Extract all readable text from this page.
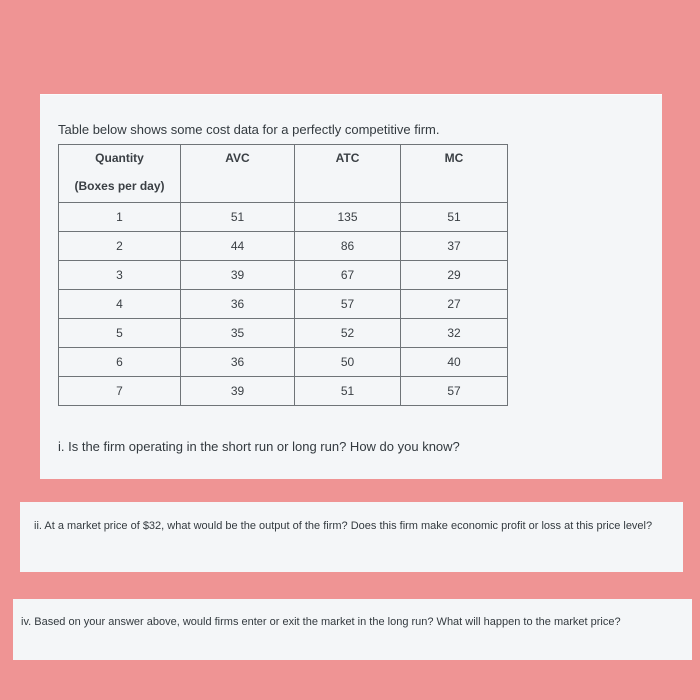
Table below shows some cost data for a perfectly competitive firm.
Quantity
(Boxes per day)	AVC	ATC	MC

1	51	135	51
2	44	86	37
3	39	67	29
4	36	57	27
5	35	52	32
6	36	50	40
7	39	51	57
i. Is the firm operating in the short run or long run? How do you know?
ii. At a market price of $32, what would be the output of the firm? Does this firm make economic profit or loss at this price level?
iv. Based on your answer above, would firms enter or exit the market in the long run? What will happen to the market price?
